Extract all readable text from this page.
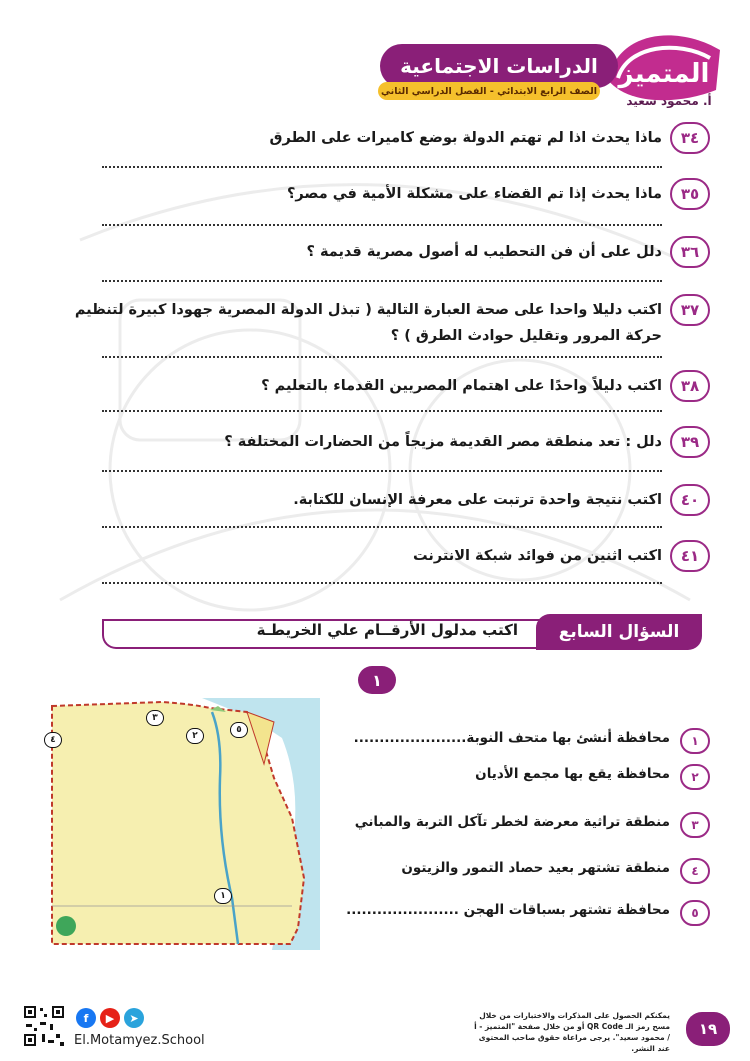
المتميز
الدراسات الاجتماعية
الصف الرابع الابتدائي - الفصل الدراسي الثاني
أ. محمود سعيد
٣٤
ماذا يحدث اذا لم تهتم الدولة بوضع كاميرات على الطرق
٣٥
ماذا يحدث إذا تم القضاء على مشكلة الأمية في مصر؟
٣٦
دلل على أن فن التحطيب له أصول مصرية قديمة ؟
٣٧
اكتب دليلا واحدا على صحة العبارة التالية ( تبذل الدولة المصرية جهودا كبيرة لتنظيم حركة المرور وتقليل حوادث الطرق ) ؟
٣٨
اكتب دليلاً واحدًا على اهتمام المصريين القدماء بالتعليم ؟
٣٩
دلل : تعد منطقة مصر القديمة مزيجاً من الحضارات المختلفة ؟
٤٠
اكتب نتيجة واحدة ترتبت على معرفة الإنسان للكتابة.
٤١
اكتب اثنين من فوائد شبكة الانترنت
السؤال السابع
اكتب مدلول الأرقــام علي الخريطـة
١
٣
٢
٥
٤
١
١
محافظة أنشئ بها متحف النوبة......................
٢
محافظة يقع بها مجمع الأديان
٣
منطقة تراثية معرضة لخطر تآكل التربة والمباني
٤
منطقة تشتهر بعيد حصاد التمور والزيتون
٥
محافظة تشتهر بسباقات الهجن ......................
f	▶	➤
El.Motamyez.School
يمكنكم الحصول على المذكرات والاختبارات من خلال مسح رمز الـ QR Code أو من خلال صفحة "المتميز - أ / محمود سعيد". يرجى مراعاة حقوق صاحب المحتوى عند النشر.
١٩
